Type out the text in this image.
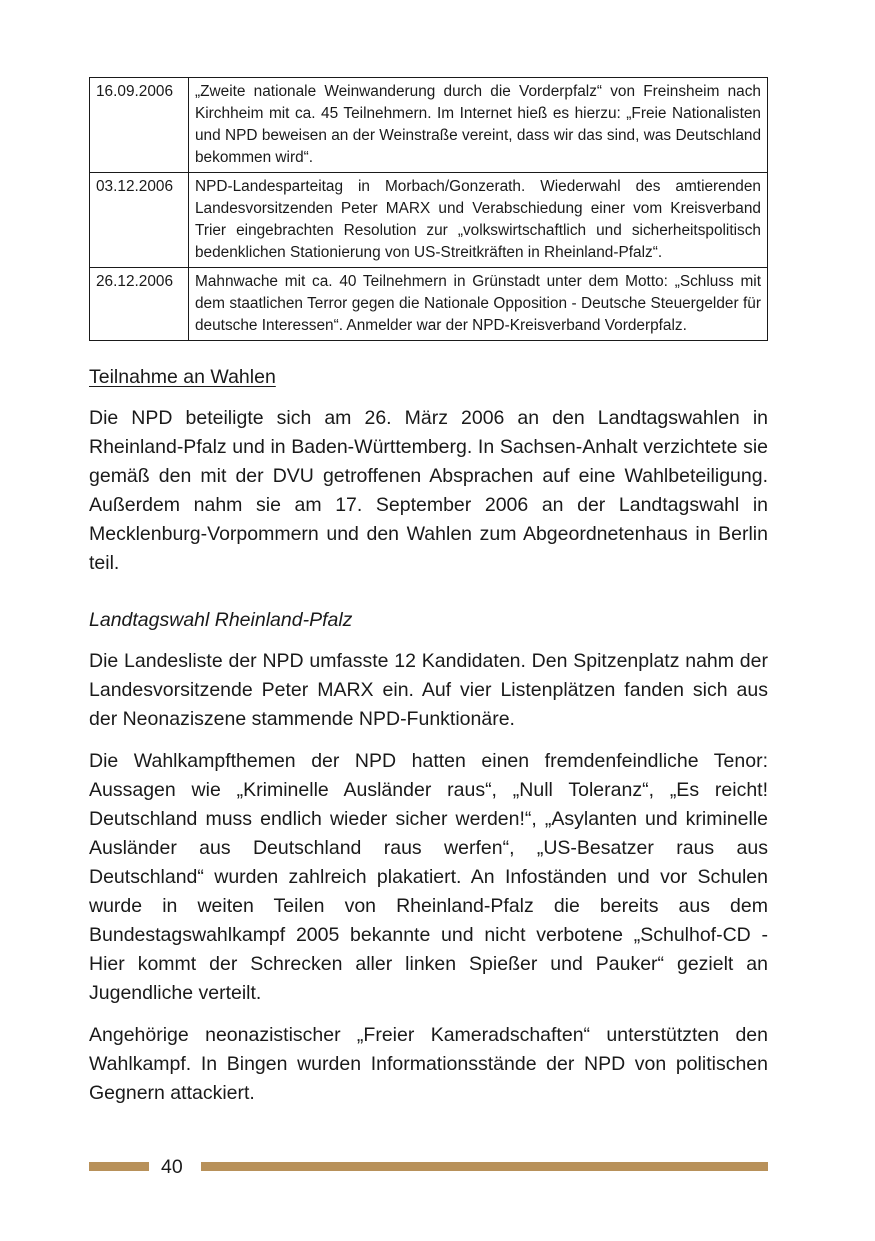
16.09.2006	„Zweite nationale Weinwanderung durch die Vorderpfalz“ von Freinsheim nach Kirchheim mit ca. 45 Teilnehmern. Im Internet hieß es hierzu: „Freie Nationalisten und NPD beweisen an der Weinstraße vereint, dass wir das sind, was Deutschland bekommen wird“.
03.12.2006	NPD-Landesparteitag in Morbach/Gonzerath. Wiederwahl des amtierenden Landesvorsitzenden Peter MARX und Verabschiedung einer vom Kreisverband Trier eingebrachten Resolution zur „volkswirtschaftlich und sicherheitspolitisch bedenklichen Stationierung von US-Streitkräften in Rheinland-Pfalz“.
26.12.2006	Mahnwache mit ca. 40 Teilnehmern in Grünstadt unter dem Motto: „Schluss mit dem staatlichen Terror gegen die Nationale Opposition - Deutsche Steuergelder für deutsche Interessen“. Anmelder war der NPD-Kreisverband Vorderpfalz.
Teilnahme an Wahlen

Die NPD beteiligte sich am 26. März 2006 an den Landtagswahlen in Rheinland-Pfalz und in Baden-Württemberg. In Sachsen-Anhalt verzichtete sie gemäß den mit der DVU getroffenen Absprachen auf eine Wahlbeteiligung. Außerdem nahm sie am 17. September 2006 an der Landtagswahl in Mecklenburg-Vorpommern und den Wahlen zum Abgeordnetenhaus in Berlin teil.

Landtagswahl Rheinland-Pfalz

Die Landesliste der NPD umfasste 12 Kandidaten. Den Spitzenplatz nahm der Landesvorsitzende Peter MARX ein. Auf vier Listenplätzen fanden sich aus der Neonaziszene stammende NPD-Funktionäre.

Die Wahlkampfthemen der NPD hatten einen fremdenfeindliche Tenor: Aussagen wie „Kriminelle Ausländer raus“, „Null Toleranz“, „Es reicht! Deutschland muss endlich wieder sicher werden!“, „Asylanten und kriminelle Ausländer aus Deutschland raus werfen“, „US-Besatzer raus aus Deutschland“ wurden zahlreich plakatiert. An Infoständen und vor Schulen wurde in weiten Teilen von Rheinland-Pfalz die bereits aus dem Bundestagswahlkampf 2005 bekannte und nicht verbotene „Schulhof-CD - Hier kommt der Schrecken aller linken Spießer und Pauker“ gezielt an Jugendliche verteilt.

Angehörige neonazistischer „Freier Kameradschaften“ unterstützten den Wahlkampf. In Bingen wurden Informationsstände der NPD von politischen Gegnern attackiert.

40
